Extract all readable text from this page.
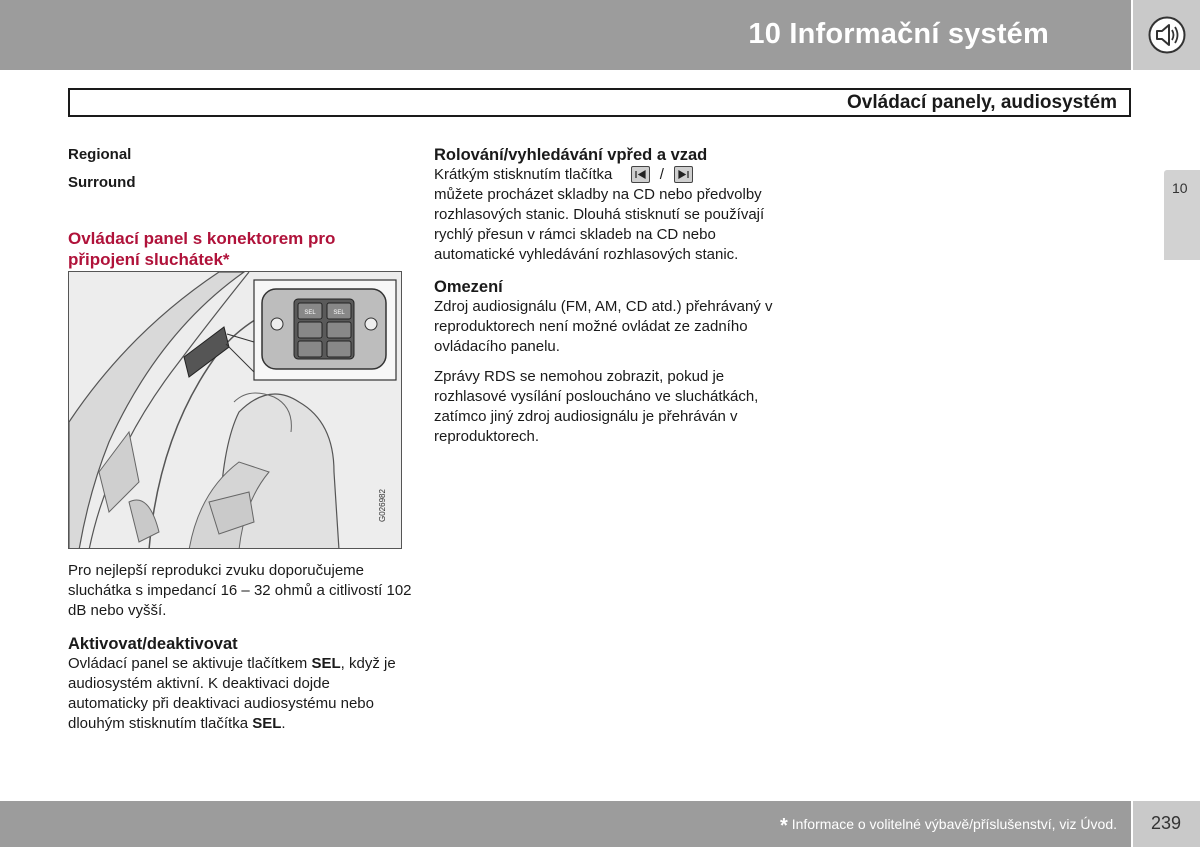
10 Informační systém
Ovládací panely, audiosystém
10
Regional
Surround
Ovládací panel s konektorem pro připojení sluchátek*
SEL	SEL
G026982

Pro nejlepší reprodukci zvuku doporučujeme sluchátka s impedancí 16 – 32 ohmů a citlivostí 102 dB nebo vyšší.

Aktivovat/deaktivovat

Ovládací panel se aktivuje tlačítkem SEL, když je audiosystém aktivní. K deaktivaci dojde automaticky při deaktivaci audiosystému nebo dlouhým stisknutím tlačítka SEL.

Rolování/vyhledávání vpřed a vzad

Krátkým stisknutím tlačítka	/
můžete procházet skladby na CD nebo předvolby rozhlasových stanic. Dlouhá stisknutí se používají rychlý přesun v rámci skladeb na CD nebo automatické vyhledávání rozhlasových stanic.

Omezení

Zdroj audiosignálu (FM, AM, CD atd.) přehrávaný v reproduktorech není možné ovládat ze zadního ovládacího panelu.

Zprávy RDS se nemohou zobrazit, pokud je rozhlasové vysílání posloucháno ve sluchátkách, zatímco jiný zdroj audiosignálu je přehráván v reproduktorech.

* Informace o volitelné výbavě/příslušenství, viz Úvod. 239
